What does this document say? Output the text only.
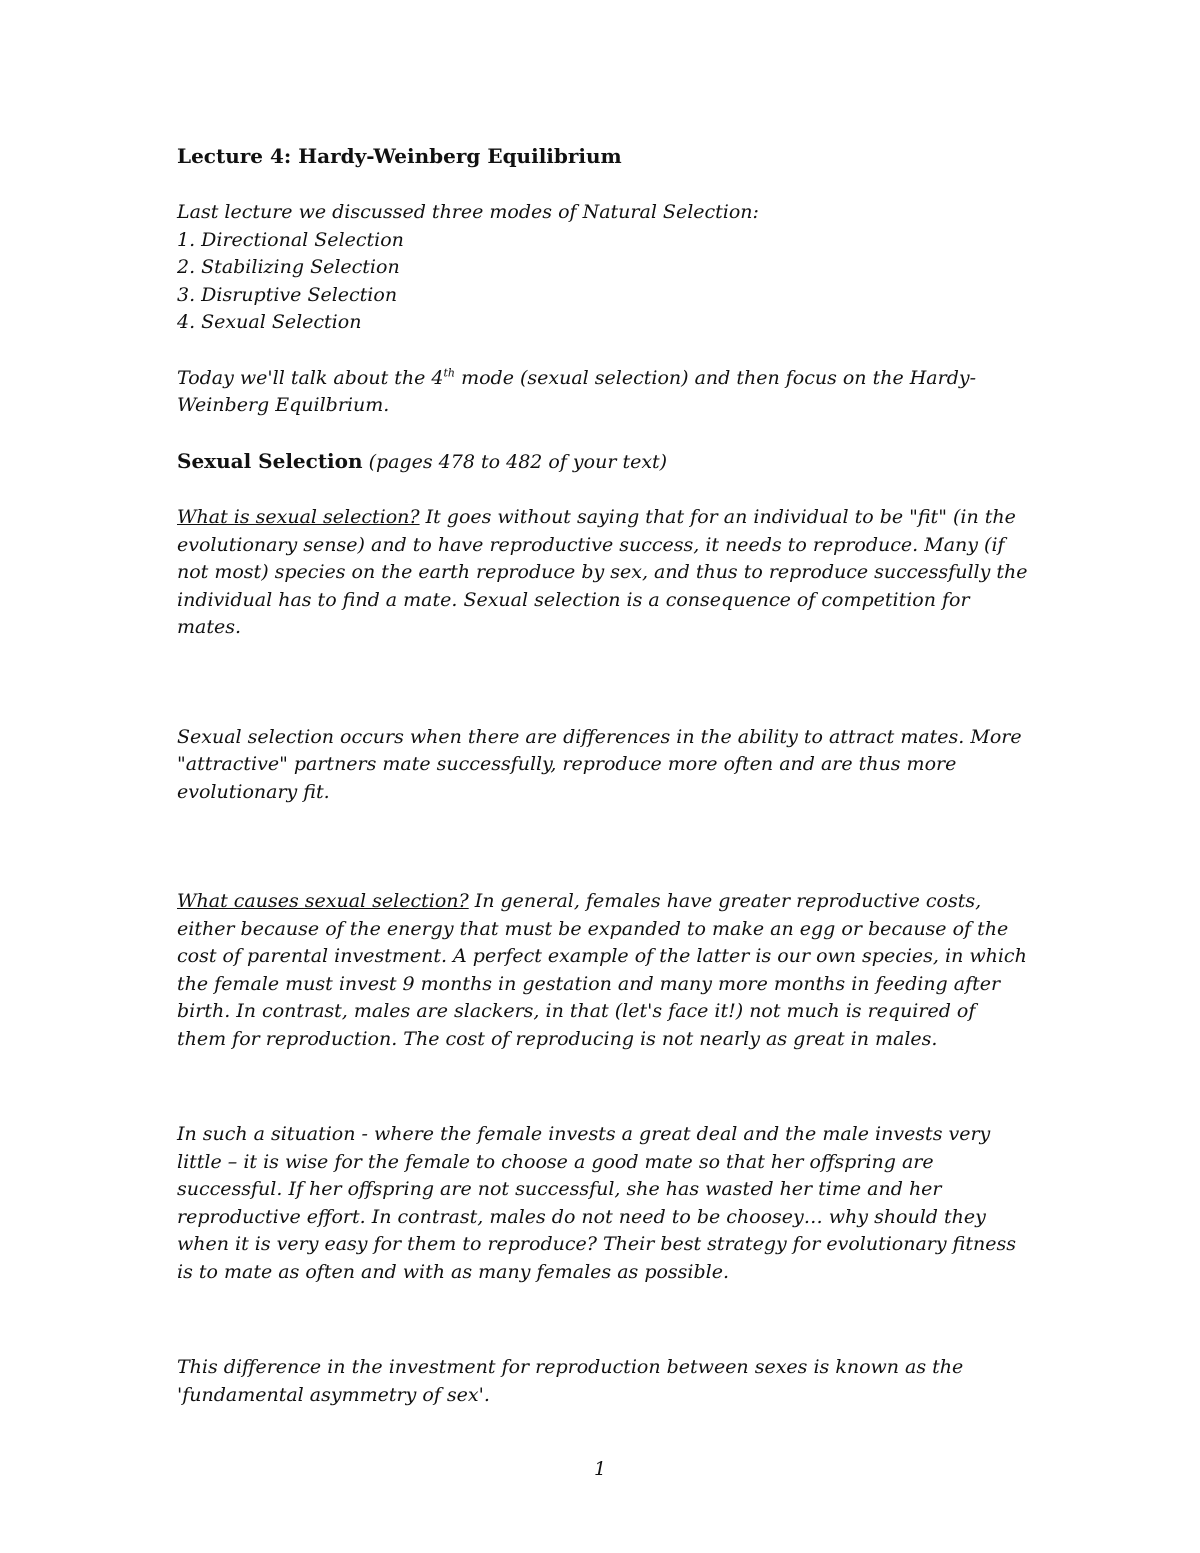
Lecture 4: Hardy-Weinberg Equilibrium

Last lecture we discussed three modes of Natural Selection:
1. Directional Selection
2. Stabilizing Selection
3. Disruptive Selection
4. Sexual Selection
Today we'll talk about the 4th mode (sexual selection) and then focus on the Hardy-
Weinberg Equilbrium.

Sexual Selection (pages 478 to 482 of your text)

What is sexual selection? It goes without saying that for an individual to be "fit" (in the
evolutionary sense) and to have reproductive success, it needs to reproduce. Many (if
not most) species on the earth reproduce by sex, and thus to reproduce successfully the
individual has to find a mate. Sexual selection is a consequence of competition for
mates.
Sexual selection occurs when there are differences in the ability to attract mates. More
"attractive" partners mate successfully, reproduce more often and are thus more
evolutionary fit.
What causes sexual selection? In general, females have greater reproductive costs,
either because of the energy that must be expanded to make an egg or because of the
cost of parental investment. A perfect example of the latter is our own species, in which
the female must invest 9 months in gestation and many more months in feeding after
birth. In contrast, males are slackers, in that (let's face it!) not much is required of
them for reproduction. The cost of reproducing is not nearly as great in males.
In such a situation - where the female invests a great deal and the male invests very
little – it is wise for the female to choose a good mate so that her offspring are
successful. If her offspring are not successful, she has wasted her time and her
reproductive effort. In contrast, males do not need to be choosey… why should they
when it is very easy for them to reproduce? Their best strategy for evolutionary fitness
is to mate as often and with as many females as possible.
This difference in the investment for reproduction between sexes is known as the
'fundamental asymmetry of sex'.
1
